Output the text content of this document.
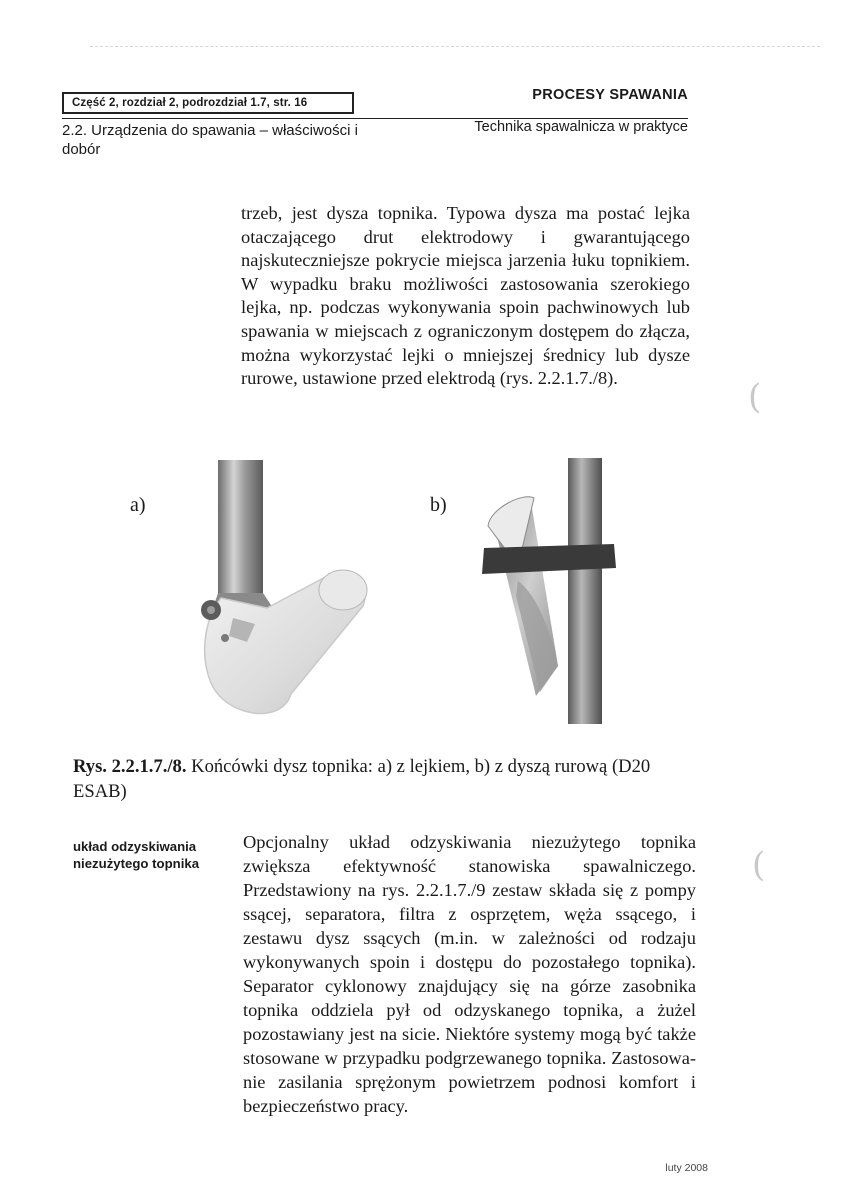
(
(
Część 2, rozdział 2, podrozdział 1.7, str. 16	PROCESY SPAWANIA
2.2. Urządzenia do spawania – właściwości i dobór
Technika spawalnicza w praktyce
trzeb, jest dysza topnika. Typowa dysza ma postać lejka otaczającego drut elektrodowy i gwarantującego najskuteczniejsze pokrycie miejsca jarzenia łuku topnikiem. W wypadku braku możliwości zastosowania szerokiego lejka, np. podczas wykonywania spoin pachwinowych lub spawania w miejscach z ograniczonym dostępem do złącza, można wykorzystać lejki o mniejszej średnicy lub dysze rurowe, ustawione przed elektrodą (rys. 2.2.1.7./8).
a)	b)
Rys. 2.2.1.7./8. Końcówki dysz topnika: a) z lejkiem, b) z dyszą rurową (D20 ESAB)
układ odzyskiwania niezużytego topnika
Opcjonalny układ odzyskiwania niezużytego topnika zwiększa efektywność stanowiska spawalniczego. Przedstawiony na rys. 2.2.1.7./9 zestaw składa się z pompy ssącej, separatora, filtra z osprzętem, węża ssącego, i zestawu dysz ssących (m.in. w zależności od rodzaju wykonywanych spoin i dostępu do pozostałego topnika). Separator cyklonowy znajdujący się na górze zasobnika topnika oddziela pył od odzyskanego topnika, a żużel pozostawiany jest na sicie. Niektóre systemy mogą być także stosowane w przypadku podgrzewanego topnika. Zastosowanie zasilania sprężonym powietrzem podnosi komfort i bezpieczeństwo pracy.
luty 2008
